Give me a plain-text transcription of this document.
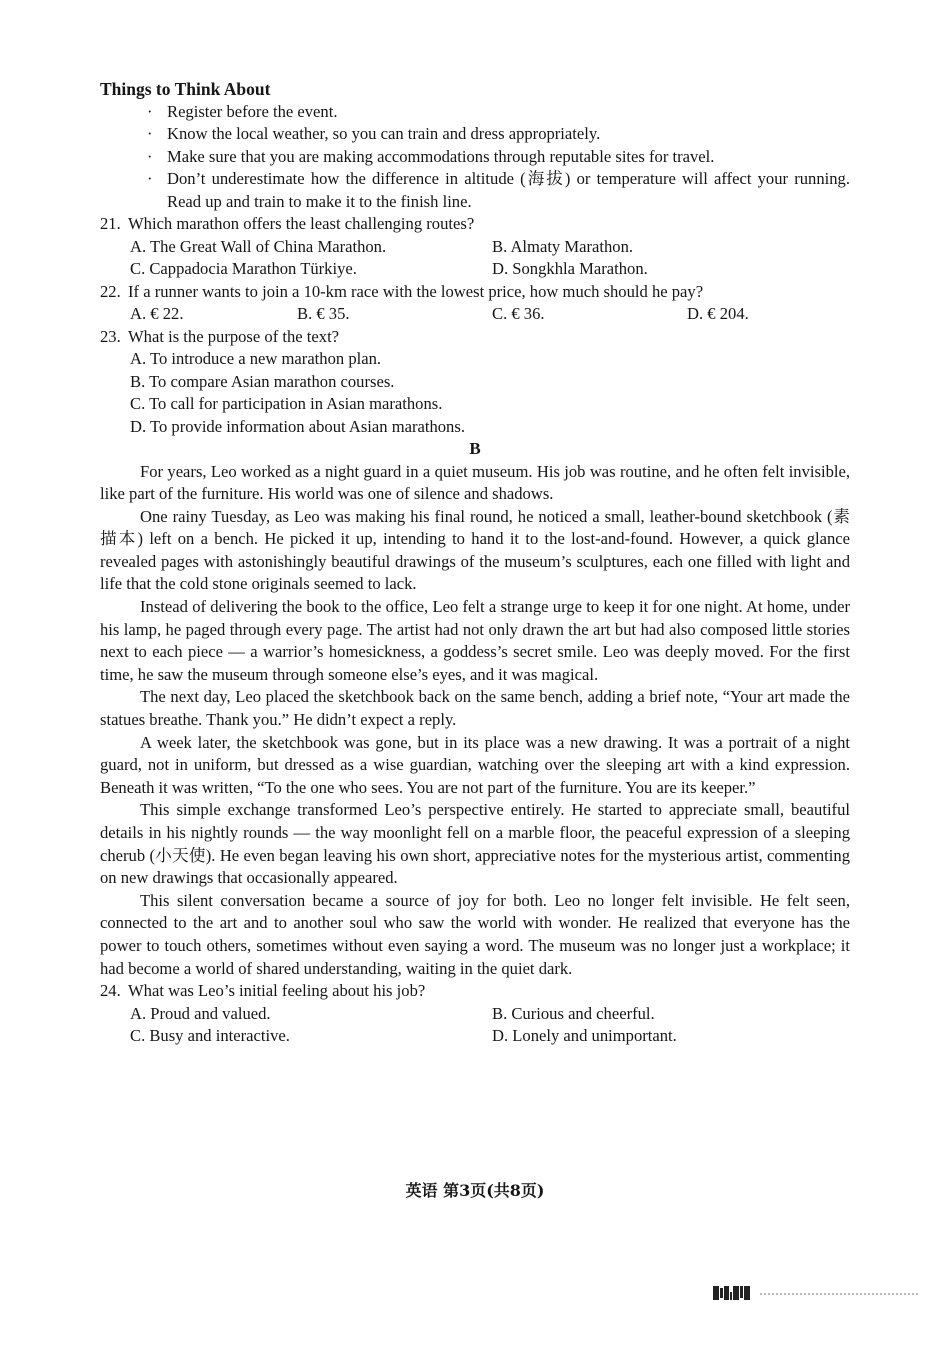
Things to Think About

· Register before the event.
· Know the local weather, so you can train and dress appropriately.
· Make sure that you are making accommodations through reputable sites for travel.
· Don’t underestimate how the difference in altitude (海拔) or temperature will affect your running. Read up and train to make it to the finish line.

21. Which marathon offers the least challenging routes?

A. The Great Wall of China Marathon.	B. Almaty Marathon.
C. Cappadocia Marathon Türkiye.	D. Songkhla Marathon.

22. If a runner wants to join a 10-km race with the lowest price, how much should he pay?

A. € 22.	B. € 35.	C. € 36.	D. € 204.

23. What is the purpose of the text?

A. To introduce a new marathon plan.
B. To compare Asian marathon courses.
C. To call for participation in Asian marathons.
D. To provide information about Asian marathons.
B

For years, Leo worked as a night guard in a quiet museum. His job was routine, and he often felt invisible, like part of the furniture. His world was one of silence and shadows.

One rainy Tuesday, as Leo was making his final round, he noticed a small, leather-bound sketchbook (素描本) left on a bench. He picked it up, intending to hand it to the lost-and-found. However, a quick glance revealed pages with astonishingly beautiful drawings of the museum’s sculptures, each one filled with light and life that the cold stone originals seemed to lack.

Instead of delivering the book to the office, Leo felt a strange urge to keep it for one night. At home, under his lamp, he paged through every page. The artist had not only drawn the art but had also composed little stories next to each piece — a warrior’s homesickness, a goddess’s secret smile. Leo was deeply moved. For the first time, he saw the museum through someone else’s eyes, and it was magical.

The next day, Leo placed the sketchbook back on the same bench, adding a brief note, “Your art made the statues breathe. Thank you.” He didn’t expect a reply.

A week later, the sketchbook was gone, but in its place was a new drawing. It was a portrait of a night guard, not in uniform, but dressed as a wise guardian, watching over the sleeping art with a kind expression. Beneath it was written, “To the one who sees. You are not part of the furniture. You are its keeper.”

This simple exchange transformed Leo’s perspective entirely. He started to appreciate small, beautiful details in his nightly rounds — the way moonlight fell on a marble floor, the peaceful expression of a sleeping cherub (小天使). He even began leaving his own short, appreciative notes for the mysterious artist, commenting on new drawings that occasionally appeared.

This silent conversation became a source of joy for both. Leo no longer felt invisible. He felt seen, connected to the art and to another soul who saw the world with wonder. He realized that everyone has the power to touch others, sometimes without even saying a word. The museum was no longer just a workplace; it had become a world of shared understanding, waiting in the quiet dark.

24. What was Leo’s initial feeling about his job?

A. Proud and valued.	B. Curious and cheerful.
C. Busy and interactive.	D. Lonely and unimportant.
英语 第3页(共8页)
